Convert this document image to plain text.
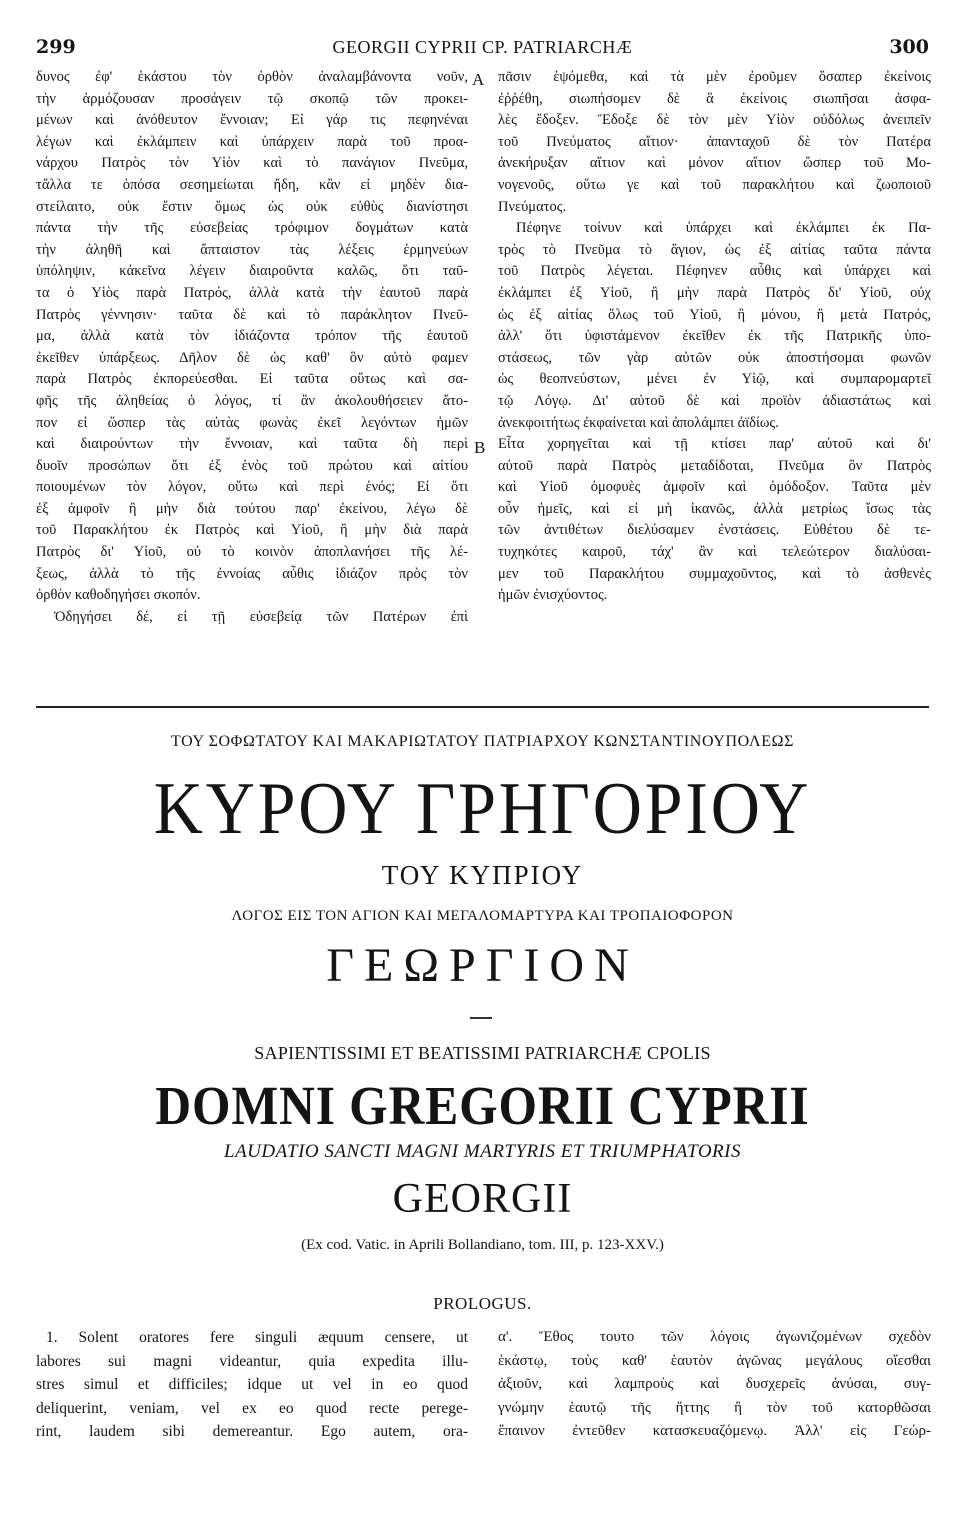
299	GEORGII CYPRII CP. PATRIARCHÆ	300
δυνος ἐφ' ἑκάστου τὸν ὀρθὸν ἀναλαμβάνοντα νοῦν,
τὴν ἁρμόζουσαν προσάγειν τῷ σκοπῷ τῶν προκει-
μένων καὶ ἀνόθευτον ἔννοιαν; Εἰ γάρ τις πεφηνέναι
λέγων καὶ ἐκλάμπειν καὶ ὑπάρχειν παρὰ τοῦ προα-
νάρχου Πατρὸς τὸν Υἱὸν καὶ τὸ πανάγιον Πνεῦμα,
τἄλλα τε ὁπόσα σεσημείωται ἤδη, κἂν εἰ μηδὲν δια-
στείλαιτο, οὐκ ἔστιν ὅμως ὡς οὐκ εὐθὺς διανίστησι
πάντα τὴν τῆς εὐσεβείας τρόφιμον δογμάτων κατὰ
τὴν ἀληθῆ καὶ ἄπταιστον τὰς λέξεις ἑρμηνεύων
ὑπόληψιν, κἀκεῖνα λέγειν διαιροῦντα καλῶς, ὅτι ταῦ-
τα ὁ Υἱὸς παρὰ Πατρός, ἀλλὰ κατὰ τὴν ἑαυτοῦ παρὰ
Πατρὸς γέννησιν· ταῦτα δὲ καὶ τὸ παράκλητον Πνεῦ-
μα, ἀλλὰ κατὰ τὸν ἰδιάζοντα τρόπον τῆς ἑαυτοῦ
ἐκεῖθεν ὑπάρξεως. Δῆλον δὲ ὡς καθ' ὃν αὐτὸ φαμεν
παρὰ Πατρὸς ἐκπορεύεσθαι. Εἰ ταῦτα οὕτως καὶ σα-
φῆς τῆς ἀληθείας ὁ λόγος, τί ἂν ἀκολουθήσειεν ἄτο-
πον εἰ ὥσπερ τὰς αὐτὰς φωνὰς ἐκεῖ λεγόντων ἡμῶν
καὶ διαιρούντων τὴν ἔννοιαν, καὶ ταῦτα δὴ περὶ
δυοῖν προσώπων ὅτι ἐξ ἑνὸς τοῦ πρώτου καὶ αἰτίου
ποιουμένων τὸν λόγον, οὕτω καὶ περὶ ἑνός; Εἰ ὅτι
ἐξ ἀμφοῖν ἢ μὴν διὰ τούτου παρ' ἐκείνου, λέγω δὲ
τοῦ Παρακλήτου ἐκ Πατρὸς καὶ Υἱοῦ, ἢ μὴν διὰ παρὰ
Πατρὸς δι' Υἱοῦ, οὐ τὸ κοινὸν ἀποπλανήσει τῆς λέ-
ξεως, ἀλλὰ τὸ τῆς ἐννοίας αὖθις ἰδιάζον πρὸς τὸν
ὀρθὸν καθοδηγήσει σκοπόν.
Ὁδηγήσει δέ, εἰ τῇ εὐσεβείᾳ τῶν Πατέρων ἐπὶ
A
B
πᾶσιν ἑψόμεθα, καὶ τὰ μὲν ἐροῦμεν ὅσαπερ ἐκείνοις
ἐῤῥέθη, σιωπήσομεν δὲ ἃ ἐκείνοις σιωπῆσαι ἀσφα-
λὲς ἔδοξεν. Ἔδοξε δὲ τὸν μὲν Υἱὸν οὐδόλως ἀνειπεῖν
τοῦ Πνεύματος αἴτιον· ἀπανταχοῦ δὲ τὸν Πατέρα
ἀνεκήρυξαν αἴτιον καὶ μόνον αἴτιον ὥσπερ τοῦ Μο-
νογενοῦς, οὕτω γε καὶ τοῦ παρακλήτου καὶ ζωοποιοῦ
Πνεύματος.
Πέφηνε τοίνυν καὶ ὑπάρχει καὶ ἐκλάμπει ἐκ Πα-
τρὸς τὸ Πνεῦμα τὸ ἅγιον, ὡς ἐξ αἰτίας ταῦτα πάντα
τοῦ Πατρὸς λέγεται. Πέφηνεν αὖθις καὶ ὑπάρχει καὶ
ἐκλάμπει ἐξ Υἱοῦ, ἢ μὴν παρὰ Πατρὸς δι' Υἱοῦ, οὐχ
ὡς ἐξ αἰτίας ὅλως τοῦ Υἱοῦ, ἢ μόνου, ἢ μετὰ Πατρός,
ἀλλ' ὅτι ὑφιστάμενον ἐκεῖθεν ἐκ τῆς Πατρικῆς ὑπο-
στάσεως, τῶν γὰρ αὐτῶν οὐκ ἀποστήσομαι φωνῶν
ὡς θεοπνεύστων, μένει ἐν Υἱῷ, καὶ συμπαρομαρτεῖ
τῷ Λόγῳ. Δι' αὐτοῦ δὲ καὶ προϊὸν ἀδιαστάτως καὶ
ἀνεκφοιτήτως ἐκφαίνεται καὶ ἀπολάμπει ἀϊδίως.
Εἶτα χορηγεῖται καὶ τῇ κτίσει παρ' αὐτοῦ καὶ δι'
αὐτοῦ παρὰ Πατρὸς μεταδίδοται, Πνεῦμα ὂν Πατρὸς
καὶ Υἱοῦ ὁμοφυὲς ἀμφοῖν καὶ ὁμόδοξον. Ταῦτα μὲν
οὖν ἡμεῖς, καὶ εἰ μὴ ἱκανῶς, ἀλλὰ μετρίως ἴσως τὰς
τῶν ἀντιθέτων διελύσαμεν ἐνστάσεις. Εὐθέτου δὲ τε-
τυχηκότες καιροῦ, τάχ' ἂν καὶ τελεώτερον διαλύσαι-
μεν τοῦ Παρακλήτου συμμαχοῦντος, καὶ τὸ ἀσθενὲς
ἡμῶν ἐνισχύοντος.
ΤΟΥ ΣΟΦΩΤΑΤΟΥ ΚΑΙ ΜΑΚΑΡΙΩΤΑΤΟΥ ΠΑΤΡΙΑΡΧΟΥ ΚΩΝΣΤΑΝΤΙΝΟΥΠΟΛΕΩΣ
ΚΥΡΟΥ ΓΡΗΓΟΡΙΟΥ
ΤΟΥ ΚΥΠΡΙΟΥ
ΛΟΓΟΣ ΕΙΣ ΤΟΝ ΑΓΙΟΝ ΚΑΙ ΜΕΓΑΛΟΜΑΡΤΥΡΑ ΚΑΙ ΤΡΟΠΑΙΟΦΟΡΟΝ
ΓΕΩΡΓΙΟΝ
SAPIENTISSIMI ET BEATISSIMI PATRIARCHÆ CPOLIS
DOMNI GREGORII CYPRII
LAUDATIO SANCTI MAGNI MARTYRIS ET TRIUMPHATORIS
GEORGII
(Ex cod. Vatic. in Aprili Bollandiano, tom. III, p. 123-XXV.)
PROLOGUS.
1. Solent oratores fere singuli æquum censere, ut
labores sui magni videantur, quia expedita illu-
stres simul et difficiles; idque ut vel in eo quod
deliquerint, veniam, vel ex eo quod recte perege-
rint, laudem sibi demereantur. Ego autem, ora-
α'. Ἔθος τουτο τῶν λόγοις ἀγωνιζομένων σχεδὸν
ἑκάστῳ, τοὺς καθ' ἑαυτὸν ἀγῶνας μεγάλους οἴεσθαι
ἀξιοῦν, καὶ λαμπροὺς καὶ δυσχερεῖς ἀνύσαι, συγ-
γνώμην ἑαυτῷ τῆς ἥττης ἢ τὸν τοῦ κατορθῶσαι
ἔπαινον ἐντεῦθεν κατασκευαζόμενῳ. Ἀλλ' εἰς Γεώρ-
